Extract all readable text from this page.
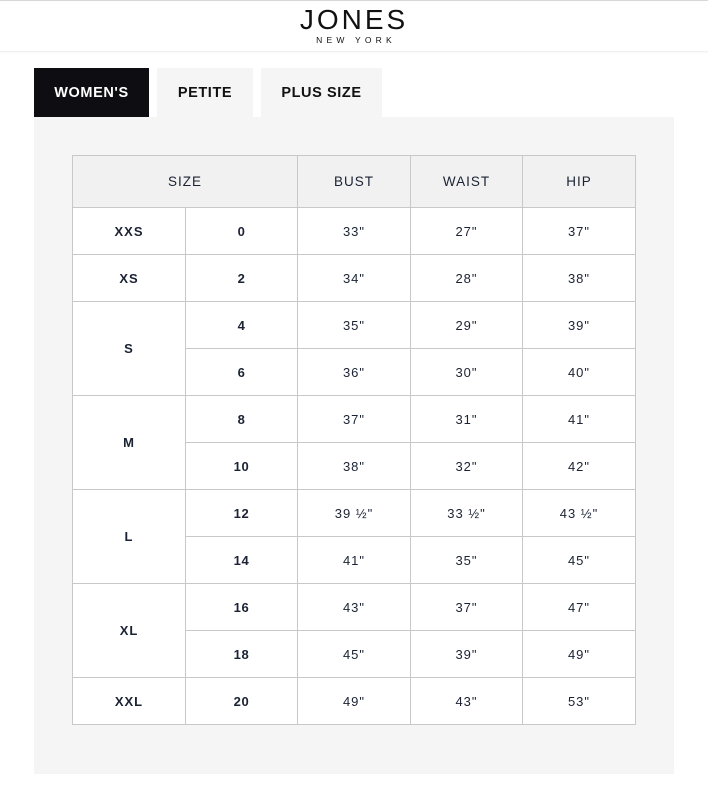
JONES
NEW YORK
WOMEN'S	PETITE	PLUS SIZE
SIZE		BUST	WAIST	HIP
XXS	0	33"	27"	37"
XS	2	34"	28"	38"
S	4	35"	29"	39"
	6	36"	30"	40"
M	8	37"	31"	41"
	10	38"	32"	42"
L	12	39 ½"	33 ½"	43 ½"
	14	41"	35"	45"
XL	16	43"	37"	47"
	18	45"	39"	49"
XXL	20	49"	43"	53"
